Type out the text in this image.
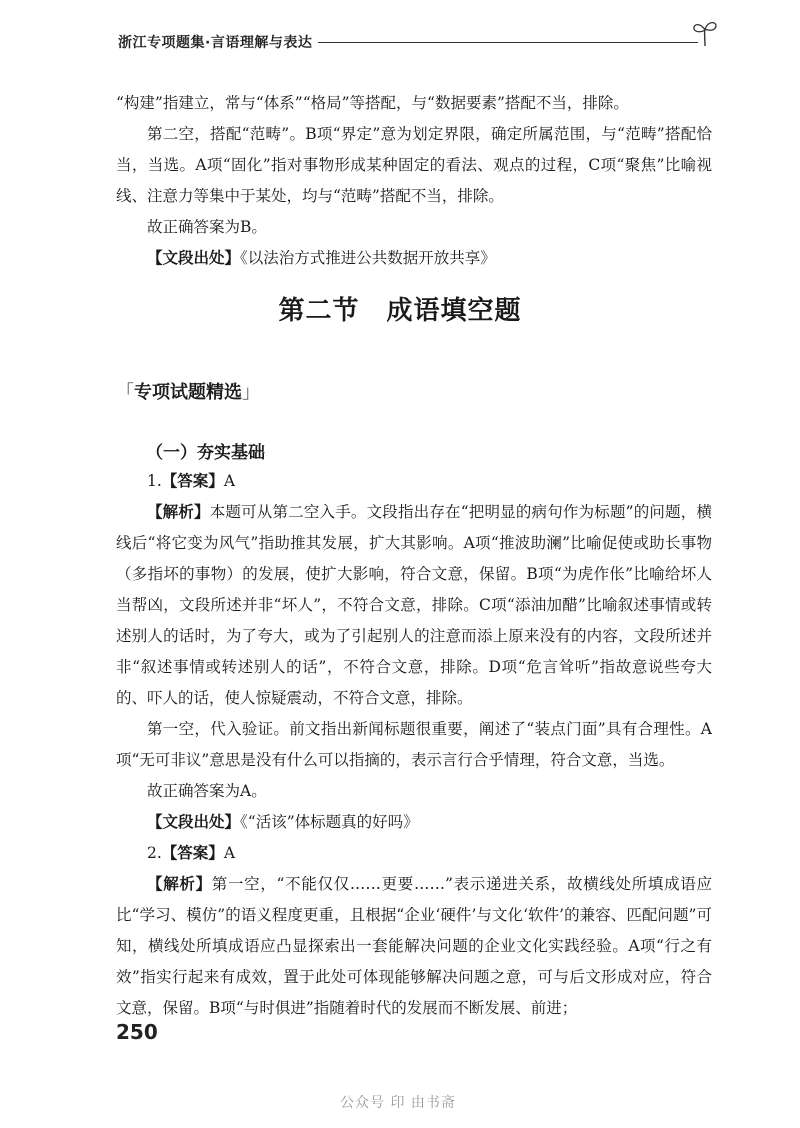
浙江专项题集·言语理解与表达

“构建”指建立，常与“体系”“格局”等搭配，与“数据要素”搭配不当，排除。

第二空，搭配“范畴”。B项“界定”意为划定界限，确定所属范围，与“范畴”搭配恰当，当选。A项“固化”指对事物形成某种固定的看法、观点的过程，C项“聚焦”比喻视线、注意力等集中于某处，均与“范畴”搭配不当，排除。

故正确答案为B。

【文段出处】《以法治方式推进公共数据开放共享》

第二节　成语填空题
「专项试题精选」
（一）夯实基础

1.【答案】A

【解析】本题可从第二空入手。文段指出存在“把明显的病句作为标题”的问题，横线后“将它变为风气”指助推其发展，扩大其影响。A项“推波助澜”比喻促使或助长事物（多指坏的事物）的发展，使扩大影响，符合文意，保留。B项“为虎作伥”比喻给坏人当帮凶，文段所述并非“坏人”，不符合文意，排除。C项“添油加醋”比喻叙述事情或转述别人的话时，为了夸大，或为了引起别人的注意而添上原来没有的内容，文段所述并非“叙述事情或转述别人的话”，不符合文意，排除。D项“危言耸听”指故意说些夸大的、吓人的话，使人惊疑震动，不符合文意，排除。

第一空，代入验证。前文指出新闻标题很重要，阐述了“装点门面”具有合理性。A项“无可非议”意思是没有什么可以指摘的，表示言行合乎情理，符合文意，当选。

故正确答案为A。

【文段出处】《“活该”体标题真的好吗》

2.【答案】A

【解析】第一空，“不能仅仅……更要……”表示递进关系，故横线处所填成语应比“学习、模仿”的语义程度更重，且根据“企业‘硬件’与文化‘软件’的兼容、匹配问题”可知，横线处所填成语应凸显探索出一套能解决问题的企业文化实践经验。A项“行之有效”指实行起来有成效，置于此处可体现能够解决问题之意，可与后文形成对应，符合文意，保留。B项“与时俱进”指随着时代的发展而不断发展、前进；

250
公众号 印 由书斋
